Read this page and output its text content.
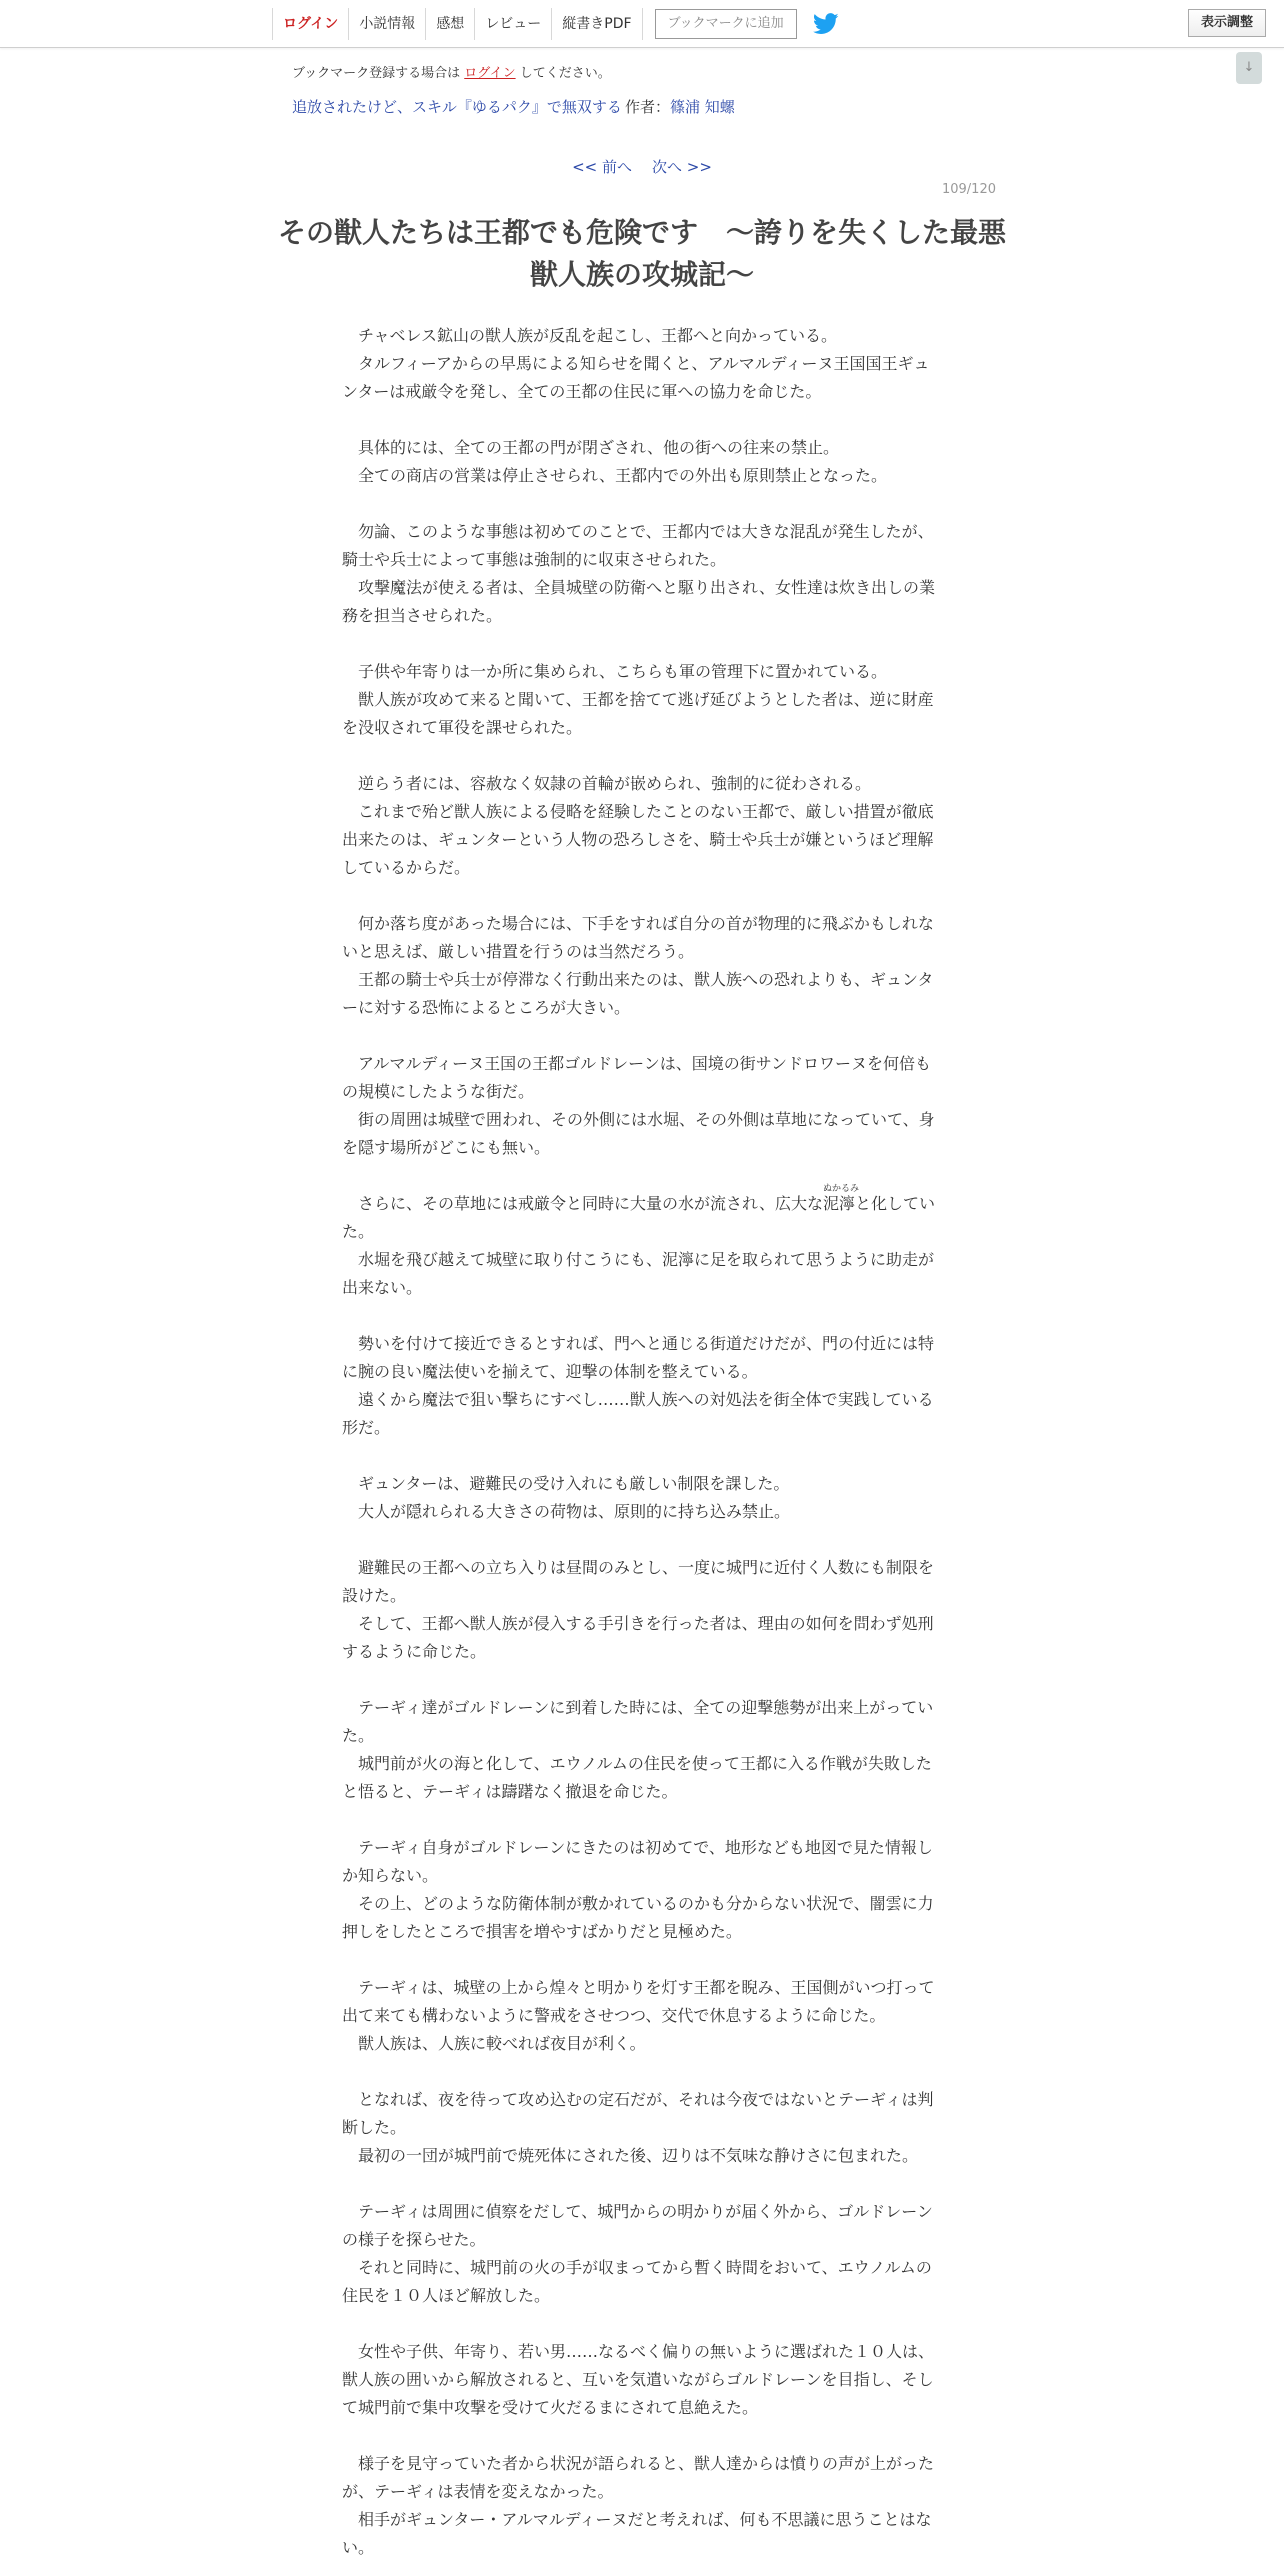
ログイン	小説情報	感想	レビュー	縦書きPDF	ブックマークに追加	表示調整
↓
ブックマーク登録する場合は ログイン してください。
追放されたけど、スキル『ゆるパク』で無双する 作者：篠浦 知螺
<< 前へ 次へ >>
109/120
その獣人たちは王都でも危険です　～誇りを失くした最悪獣人族の攻城記～
チャベレス鉱山の獣人族が反乱を起こし、王都へと向かっている。
タルフィーアからの早馬による知らせを聞くと、アルマルディーヌ王国国王ギュンターは戒厳令を発し、全ての王都の住民に軍への協力を命じた。
具体的には、全ての王都の門が閉ざされ、他の街への往来の禁止。
全ての商店の営業は停止させられ、王都内での外出も原則禁止となった。
勿論、このような事態は初めてのことで、王都内では大きな混乱が発生したが、騎士や兵士によって事態は強制的に収束させられた。
攻撃魔法が使える者は、全員城壁の防衛へと駆り出され、女性達は炊き出しの業務を担当させられた。
子供や年寄りは一か所に集められ、こちらも軍の管理下に置かれている。
獣人族が攻めて来ると聞いて、王都を捨てて逃げ延びようとした者は、逆に財産を没収されて軍役を課せられた。
逆らう者には、容赦なく奴隷の首輪が嵌められ、強制的に従わされる。
これまで殆ど獣人族による侵略を経験したことのない王都で、厳しい措置が徹底出来たのは、ギュンターという人物の恐ろしさを、騎士や兵士が嫌というほど理解しているからだ。
何か落ち度があった場合には、下手をすれば自分の首が物理的に飛ぶかもしれないと思えば、厳しい措置を行うのは当然だろう。
王都の騎士や兵士が停滞なく行動出来たのは、獣人族への恐れよりも、ギュンターに対する恐怖によるところが大きい。
アルマルディーヌ王国の王都ゴルドレーンは、国境の街サンドロワーヌを何倍もの規模にしたような街だ。
街の周囲は城壁で囲われ、その外側には水堀、その外側は草地になっていて、身を隠す場所がどこにも無い。
さらに、その草地には戒厳令と同時に大量の水が流され、広大なぬかるみ 泥濘と化していた。
水堀を飛び越えて城壁に取り付こうにも、泥濘に足を取られて思うように助走が出来ない。
勢いを付けて接近できるとすれば、門へと通じる街道だけだが、門の付近には特に腕の良い魔法使いを揃えて、迎撃の体制を整えている。
遠くから魔法で狙い撃ちにすべし……獣人族への対処法を街全体で実践している形だ。
ギュンターは、避難民の受け入れにも厳しい制限を課した。
大人が隠れられる大きさの荷物は、原則的に持ち込み禁止。
避難民の王都への立ち入りは昼間のみとし、一度に城門に近付く人数にも制限を設けた。
そして、王都へ獣人族が侵入する手引きを行った者は、理由の如何を問わず処刑するように命じた。
テーギィ達がゴルドレーンに到着した時には、全ての迎撃態勢が出来上がっていた。
城門前が火の海と化して、エウノルムの住民を使って王都に入る作戦が失敗したと悟ると、テーギィは躊躇なく撤退を命じた。
テーギィ自身がゴルドレーンにきたのは初めてで、地形なども地図で見た情報しか知らない。
その上、どのような防衛体制が敷かれているのかも分からない状況で、闇雲に力押しをしたところで損害を増やすばかりだと見極めた。
テーギィは、城壁の上から煌々と明かりを灯す王都を睨み、王国側がいつ打って出て来ても構わないように警戒をさせつつ、交代で休息するように命じた。
獣人族は、人族に較べれば夜目が利く。
となれば、夜を待って攻め込むの定石だが、それは今夜ではないとテーギィは判断した。
最初の一団が城門前で焼死体にされた後、辺りは不気味な静けさに包まれた。
テーギィは周囲に偵察をだして、城門からの明かりが届く外から、ゴルドレーンの様子を探らせた。
それと同時に、城門前の火の手が収まってから暫く時間をおいて、エウノルムの住民を１０人ほど解放した。
女性や子供、年寄り、若い男……なるべく偏りの無いように選ばれた１０人は、獣人族の囲いから解放されると、互いを気遣いながらゴルドレーンを目指し、そして城門前で集中攻撃を受けて火だるまにされて息絶えた。
様子を見守っていた者から状況が語られると、獣人達からは憤りの声が上がったが、テーギィは表情を変えなかった。
相手がギュンター・アルマルディーヌだと考えれば、何も不思議に思うことはない。
